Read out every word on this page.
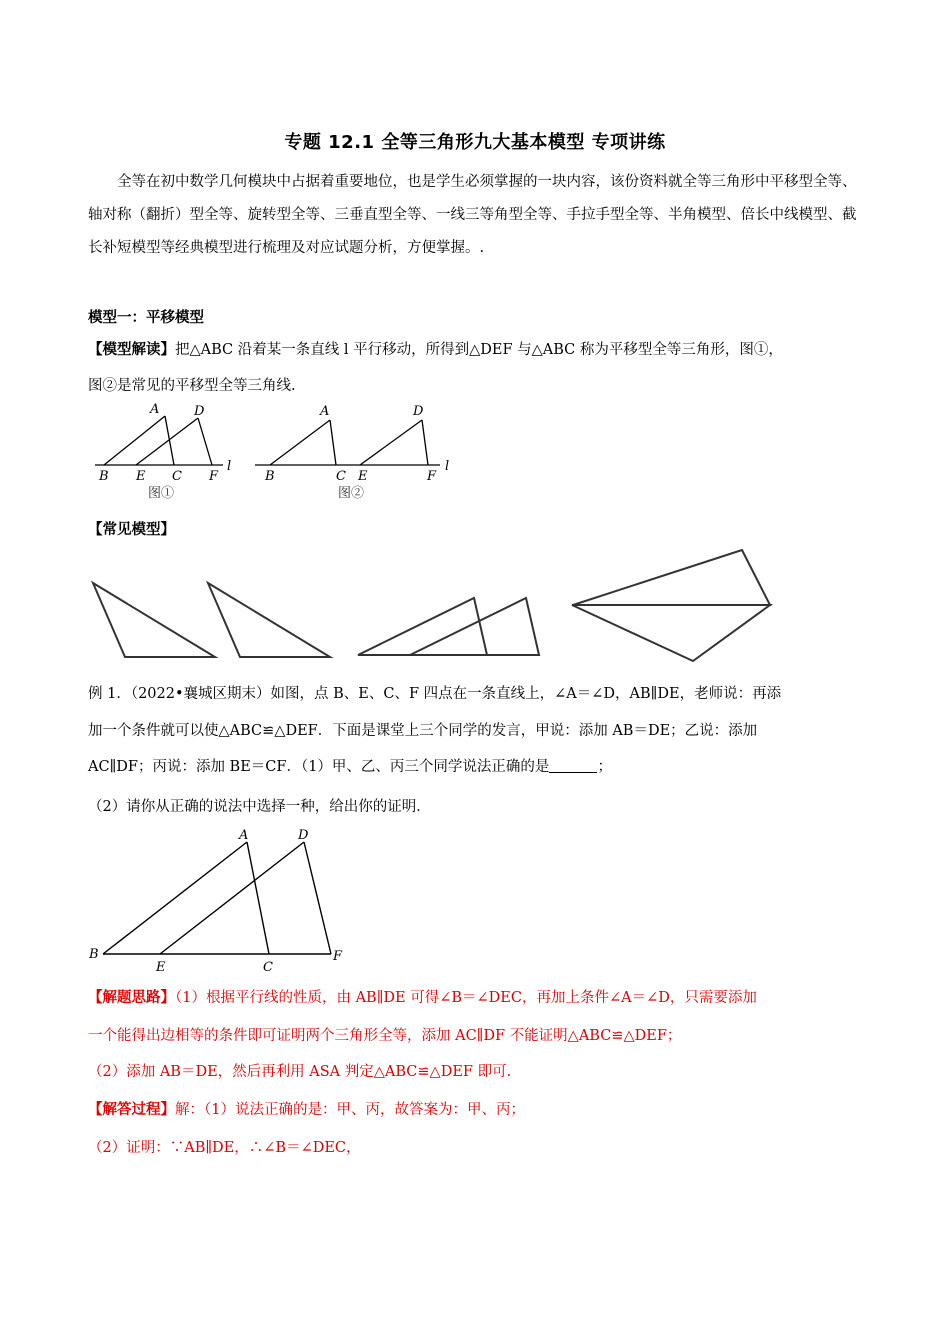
专题 12.1 全等三角形九大基本模型 专项讲练
全等在初中数学几何模块中占据着重要地位，也是学生必须掌握的一块内容，该份资料就全等三角形中平移型全等、轴对称（翻折）型全等、旋转型全等、三垂直型全等、一线三等角型全等、手拉手型全等、半角模型、倍长中线模型、截长补短模型等经典模型进行梳理及对应试题分析，方便掌握。.
模型一：平移模型
【模型解读】把△ABC 沿着某一条直线 l 平行移动，所得到△DEF 与△ABC 称为平移型全等三角形，图①，
图②是常见的平移型全等三角线.
A	D
B E C F
l
图①
A	D
B	C E	F
l
图②
【常见模型】
例 1．（2022•襄城区期末）如图，点 B、E、C、F 四点在一条直线上，∠A＝∠D，AB∥DE，老师说：再添
加一个条件就可以使△ABC≌△DEF．下面是课堂上三个同学的发言，甲说：添加 AB＝DE；乙说：添加
AC∥DF；丙说：添加 BE＝CF．（1）甲、乙、丙三个同学说法正确的是	；
（2）请你从正确的说法中选择一种，给出你的证明．
A	D
B
E	C
F
【解题思路】（1）根据平行线的性质，由 AB∥DE 可得∠B＝∠DEC，再加上条件∠A＝∠D，只需要添加
一个能得出边相等的条件即可证明两个三角形全等，添加 AC∥DF 不能证明△ABC≌△DEF；
（2）添加 AB＝DE，然后再利用 ASA 判定△ABC≌△DEF 即可.
【解答过程】解：（1）说法正确的是：甲、丙，故答案为：甲、丙；
（2）证明：∵AB∥DE，∴∠B＝∠DEC，
